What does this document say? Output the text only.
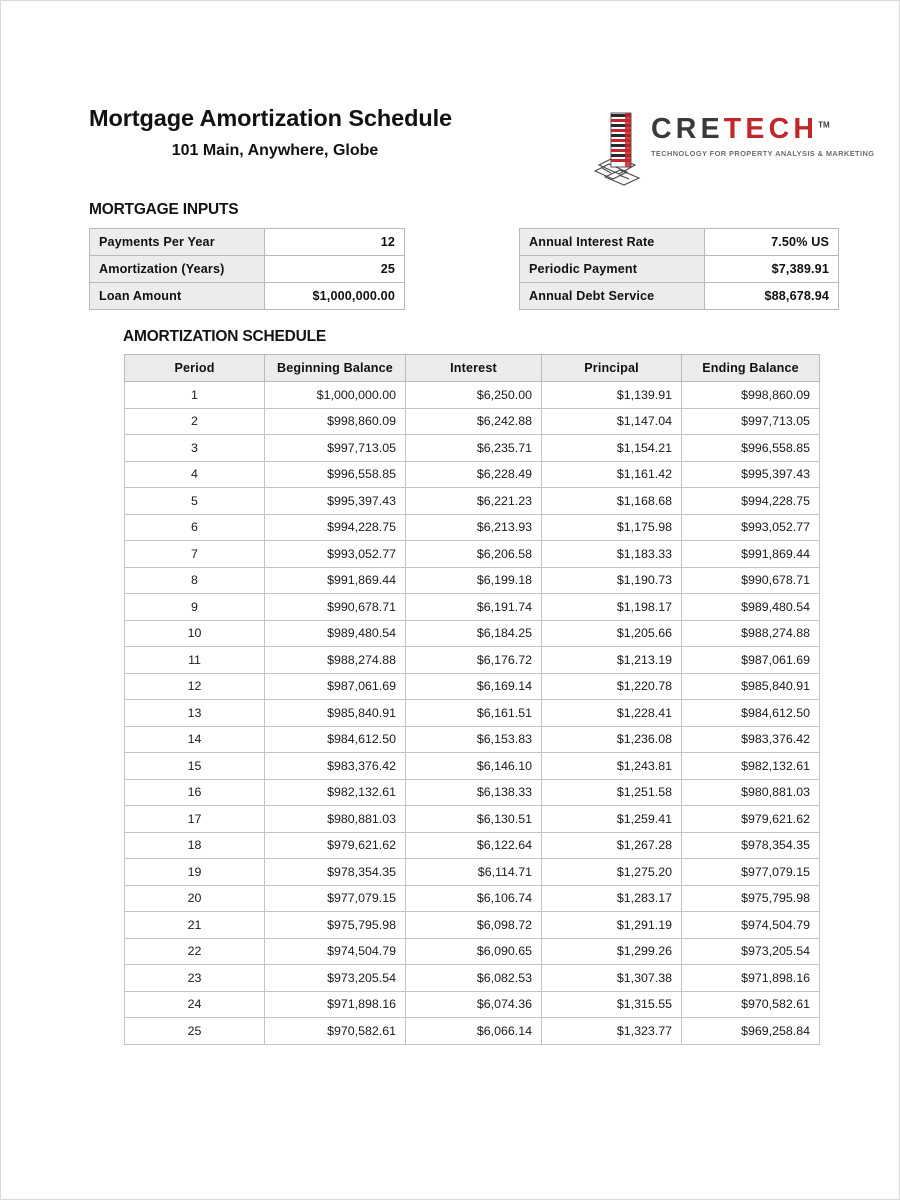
Mortgage Amortization Schedule
101 Main, Anywhere, Globe
CRETECH™
TECHNOLOGY FOR PROPERTY ANALYSIS & MARKETING
MORTGAGE INPUTS
Payments Per Year	12
Amortization (Years)	25
Loan Amount	$1,000,000.00
Annual Interest Rate	7.50% US
Periodic Payment	$7,389.91
Annual Debt Service	$88,678.94
AMORTIZATION SCHEDULE
Period	Beginning Balance	Interest	Principal	Ending Balance
1	$1,000,000.00	$6,250.00	$1,139.91	$998,860.09
2	$998,860.09	$6,242.88	$1,147.04	$997,713.05
3	$997,713.05	$6,235.71	$1,154.21	$996,558.85
4	$996,558.85	$6,228.49	$1,161.42	$995,397.43
5	$995,397.43	$6,221.23	$1,168.68	$994,228.75
6	$994,228.75	$6,213.93	$1,175.98	$993,052.77
7	$993,052.77	$6,206.58	$1,183.33	$991,869.44
8	$991,869.44	$6,199.18	$1,190.73	$990,678.71
9	$990,678.71	$6,191.74	$1,198.17	$989,480.54
10	$989,480.54	$6,184.25	$1,205.66	$988,274.88
11	$988,274.88	$6,176.72	$1,213.19	$987,061.69
12	$987,061.69	$6,169.14	$1,220.78	$985,840.91
13	$985,840.91	$6,161.51	$1,228.41	$984,612.50
14	$984,612.50	$6,153.83	$1,236.08	$983,376.42
15	$983,376.42	$6,146.10	$1,243.81	$982,132.61
16	$982,132.61	$6,138.33	$1,251.58	$980,881.03
17	$980,881.03	$6,130.51	$1,259.41	$979,621.62
18	$979,621.62	$6,122.64	$1,267.28	$978,354.35
19	$978,354.35	$6,114.71	$1,275.20	$977,079.15
20	$977,079.15	$6,106.74	$1,283.17	$975,795.98
21	$975,795.98	$6,098.72	$1,291.19	$974,504.79
22	$974,504.79	$6,090.65	$1,299.26	$973,205.54
23	$973,205.54	$6,082.53	$1,307.38	$971,898.16
24	$971,898.16	$6,074.36	$1,315.55	$970,582.61
25	$970,582.61	$6,066.14	$1,323.77	$969,258.84
